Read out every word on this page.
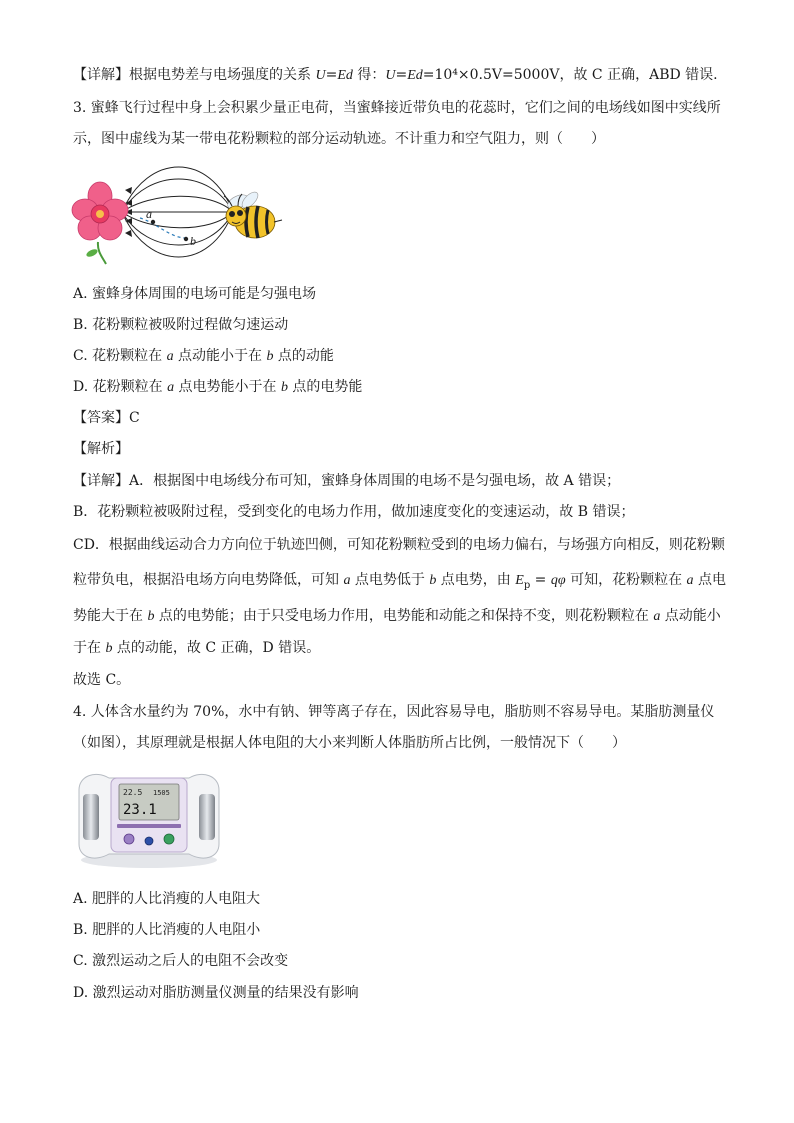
【详解】根据电势差与电场强度的关系 U=Ed 得：U=Ed=10⁴×0.5V=5000V，故 C 正确，ABD 错误.
3. 蜜蜂飞行过程中身上会积累少量正电荷，当蜜蜂接近带负电的花蕊时，它们之间的电场线如图中实线所
示，图中虚线为某一带电花粉颗粒的部分运动轨迹。不计重力和空气阻力，则（　　）
a
b
A. 蜜蜂身体周围的电场可能是匀强电场
B. 花粉颗粒被吸附过程做匀速运动
C. 花粉颗粒在 a 点动能小于在 b 点的动能
D. 花粉颗粒在 a 点电势能小于在 b 点的电势能
【答案】C
【解析】
【详解】A．根据图中电场线分布可知，蜜蜂身体周围的电场不是匀强电场，故 A 错误；
B．花粉颗粒被吸附过程，受到变化的电场力作用，做加速度变化的变速运动，故 B 错误；
CD．根据曲线运动合力方向位于轨迹凹侧，可知花粉颗粒受到的电场力偏右，与场强方向相反，则花粉颗
粒带负电，根据沿电场方向电势降低，可知 a 点电势低于 b 点电势，由 $E_p = q\varphi$ 可知，花粉颗粒在 a 点电
势能大于在 b 点的电势能；由于只受电场力作用，电势能和动能之和保持不变，则花粉颗粒在 a 点动能小
于在 b 点的动能，故 C 正确，D 错误。
故选 C。
4. 人体含水量约为 70%，水中有钠、钾等离子存在，因此容易导电，脂肪则不容易导电。某脂肪测量仪
（如图），其原理就是根据人体电阻的大小来判断人体脂肪所占比例，一般情况下（　　）
22.5 1505
23.1
A. 肥胖的人比消瘦的人电阻大
B. 肥胖的人比消瘦的人电阻小
C. 激烈运动之后人的电阻不会改变
D. 激烈运动对脂肪测量仪测量的结果没有影响
